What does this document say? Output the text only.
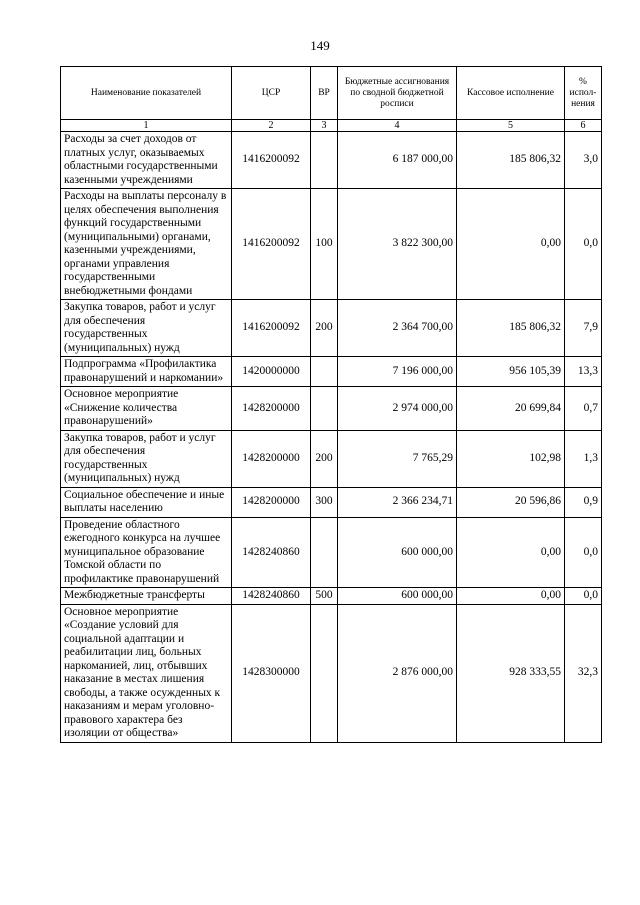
149
Наименование показателей	ЦСР	ВР	Бюджетные ассигнования по сводной бюджетной росписи	Кассовое исполнение	% испол-нения
1	2	3	4	5	6
Расходы за счет доходов от платных услуг, оказываемых областными государственными казенными учреждениями	1416200092		6 187 000,00	185 806,32	3,0
Расходы на выплаты персоналу в целях обеспечения выполнения функций государственными (муниципальными) органами, казенными учреждениями, органами управления государственными внебюджетными фондами	1416200092	100	3 822 300,00	0,00	0,0
Закупка товаров, работ и услуг для обеспечения государственных (муниципальных) нужд	1416200092	200	2 364 700,00	185 806,32	7,9
Подпрограмма «Профилактика правонарушений и наркомании»	1420000000		7 196 000,00	956 105,39	13,3
Основное мероприятие «Снижение количества правонарушений»	1428200000		2 974 000,00	20 699,84	0,7
Закупка товаров, работ и услуг для обеспечения государственных (муниципальных) нужд	1428200000	200	7 765,29	102,98	1,3
Социальное обеспечение и иные выплаты населению	1428200000	300	2 366 234,71	20 596,86	0,9
Проведение областного ежегодного конкурса на лучшее муниципальное образование Томской области по профилактике правонарушений	1428240860		600 000,00	0,00	0,0
Межбюджетные трансферты	1428240860	500	600 000,00	0,00	0,0
Основное мероприятие «Создание условий для социальной адаптации и реабилитации лиц, больных наркоманией, лиц, отбывших наказание в местах лишения свободы, а также осужденных к наказаниям и мерам уголовно-правового характера без изоляции от общества»	1428300000		2 876 000,00	928 333,55	32,3
